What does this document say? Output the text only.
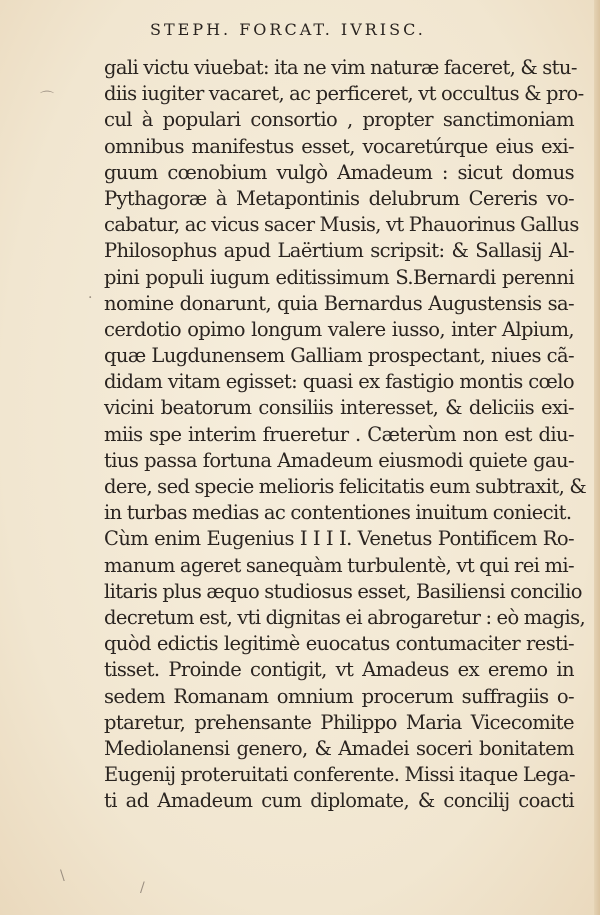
STEPH. FORCAT. IVRISC.
⌒
·
\
/
gali victu viuebat: ita ne vim naturæ faceret, & stu-
diis iugiter vacaret, ac perficeret, vt occultus & pro-
cul à populari consortio , propter sanctimoniam
omnibus manifestus esset, vocaretúrque eius exi-
guum cœnobium vulgò Amadeum : sicut domus
Pythagoræ à Metapontinis delubrum Cereris vo-
cabatur, ac vicus sacer Musis, vt Phauorinus Gallus
Philosophus apud Laërtium scripsit: & Sallasij Al-
pini populi iugum editissimum S.Bernardi perenni
nomine donarunt, quia Bernardus Augustensis sa-
cerdotio opimo longum valere iusso, inter Alpium,
quæ Lugdunensem Galliam prospectant, niues cã-
didam vitam egisset: quasi ex fastigio montis cœlo
vicini beatorum consiliis interesset, & deliciis exi-
miis spe interim frueretur . Cæterùm non est diu-
tius passa fortuna Amadeum eiusmodi quiete gau-
dere, sed specie melioris felicitatis eum subtraxit, &
in turbas medias ac contentiones inuitum coniecit.
Cùm enim Eugenius I I I I. Venetus Pontificem Ro-
manum ageret sanequàm turbulentè, vt qui rei mi-
litaris plus æquo studiosus esset, Basiliensi concilio
decretum est, vti dignitas ei abrogaretur : eò magis,
quòd edictis legitimè euocatus contumaciter resti-
tisset. Proinde contigit, vt Amadeus ex eremo in
sedem Romanam omnium procerum suffragiis o-
ptaretur, prehensante Philippo Maria Vicecomite
Mediolanensi genero, & Amadei soceri bonitatem
Eugenij proteruitati conferente. Missi itaque Lega-
ti ad Amadeum cum diplomate, & concilij coacti
